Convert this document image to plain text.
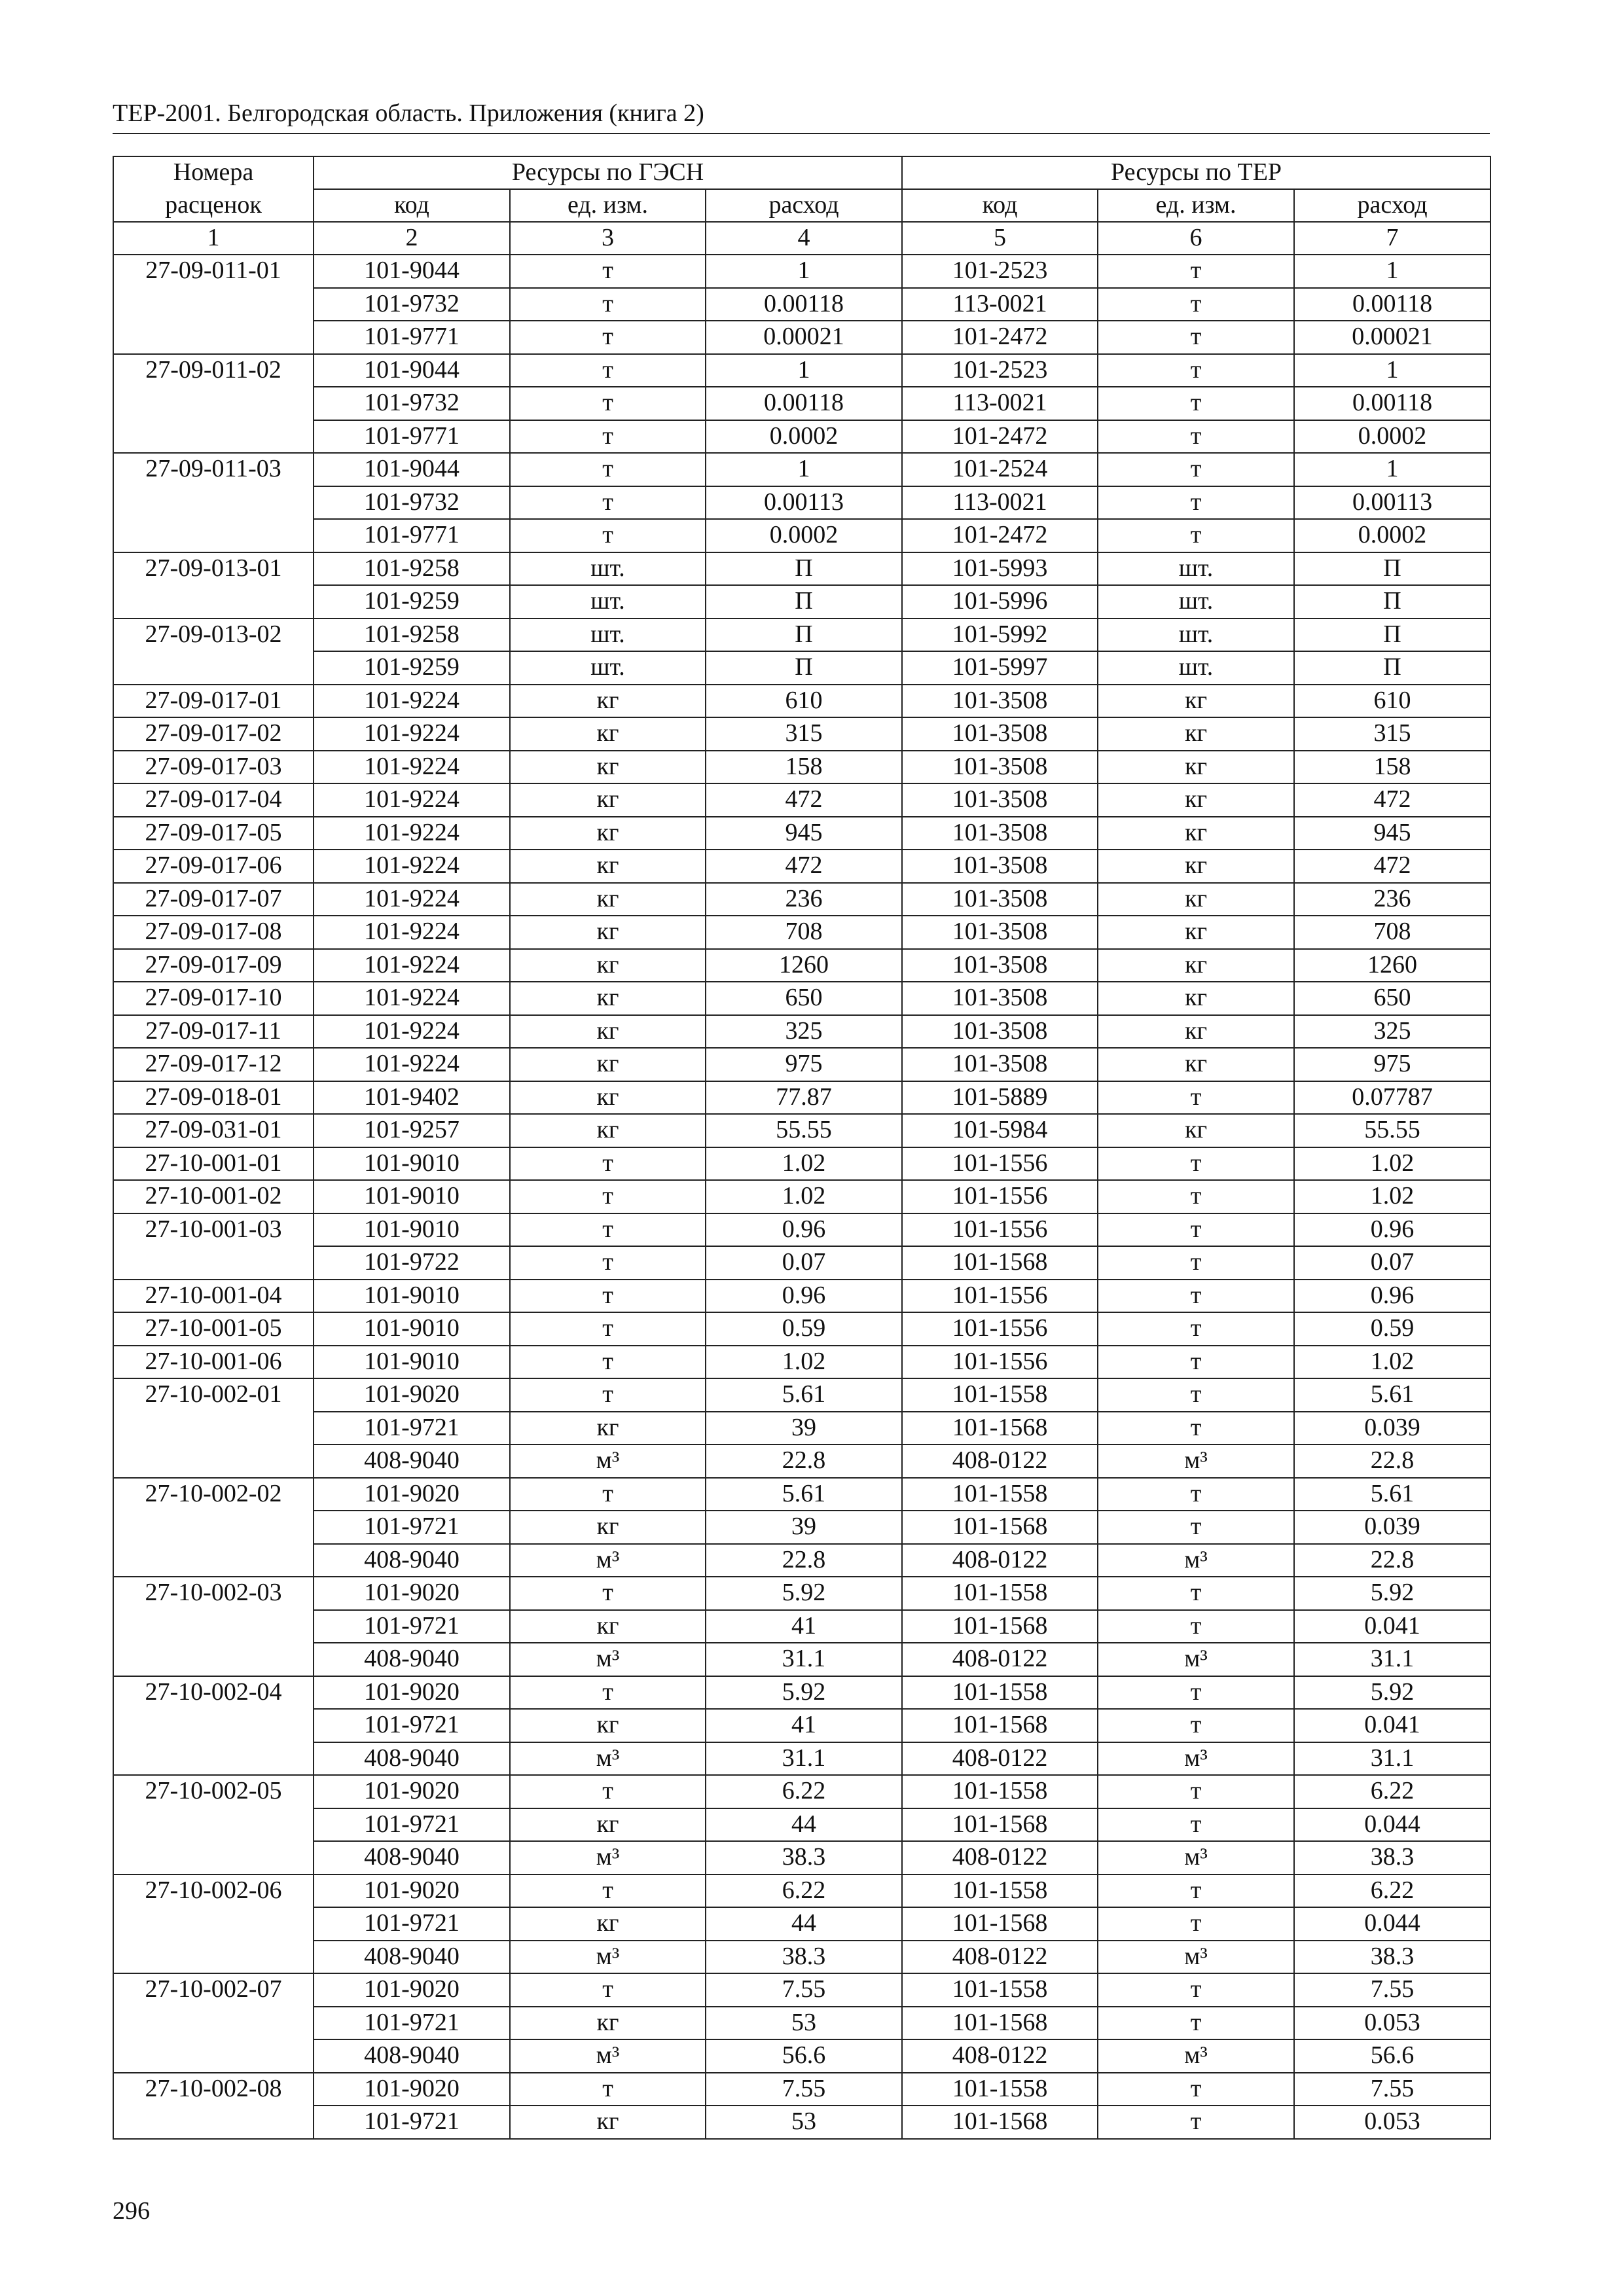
ТЕР-2001. Белгородская область. Приложения (книга 2)
Номера	Ресурсы по ГЭСН			Ресурсы по ТЕР		
расценок	код	ед. изм.	расход	код	ед. изм.	расход
1	2	3	4	5	6	7
27-09-011-01	101-9044	т	1	101-2523	т	1
	101-9732	т	0.00118	113-0021	т	0.00118
	101-9771	т	0.00021	101-2472	т	0.00021
27-09-011-02	101-9044	т	1	101-2523	т	1
	101-9732	т	0.00118	113-0021	т	0.00118
	101-9771	т	0.0002	101-2472	т	0.0002
27-09-011-03	101-9044	т	1	101-2524	т	1
	101-9732	т	0.00113	113-0021	т	0.00113
	101-9771	т	0.0002	101-2472	т	0.0002
27-09-013-01	101-9258	шт.	П	101-5993	шт.	П
	101-9259	шт.	П	101-5996	шт.	П
27-09-013-02	101-9258	шт.	П	101-5992	шт.	П
	101-9259	шт.	П	101-5997	шт.	П
27-09-017-01	101-9224	кг	610	101-3508	кг	610
27-09-017-02	101-9224	кг	315	101-3508	кг	315
27-09-017-03	101-9224	кг	158	101-3508	кг	158
27-09-017-04	101-9224	кг	472	101-3508	кг	472
27-09-017-05	101-9224	кг	945	101-3508	кг	945
27-09-017-06	101-9224	кг	472	101-3508	кг	472
27-09-017-07	101-9224	кг	236	101-3508	кг	236
27-09-017-08	101-9224	кг	708	101-3508	кг	708
27-09-017-09	101-9224	кг	1260	101-3508	кг	1260
27-09-017-10	101-9224	кг	650	101-3508	кг	650
27-09-017-11	101-9224	кг	325	101-3508	кг	325
27-09-017-12	101-9224	кг	975	101-3508	кг	975
27-09-018-01	101-9402	кг	77.87	101-5889	т	0.07787
27-09-031-01	101-9257	кг	55.55	101-5984	кг	55.55
27-10-001-01	101-9010	т	1.02	101-1556	т	1.02
27-10-001-02	101-9010	т	1.02	101-1556	т	1.02
27-10-001-03	101-9010	т	0.96	101-1556	т	0.96
	101-9722	т	0.07	101-1568	т	0.07
27-10-001-04	101-9010	т	0.96	101-1556	т	0.96
27-10-001-05	101-9010	т	0.59	101-1556	т	0.59
27-10-001-06	101-9010	т	1.02	101-1556	т	1.02
27-10-002-01	101-9020	т	5.61	101-1558	т	5.61
	101-9721	кг	39	101-1568	т	0.039
	408-9040	м³	22.8	408-0122	м³	22.8
27-10-002-02	101-9020	т	5.61	101-1558	т	5.61
	101-9721	кг	39	101-1568	т	0.039
	408-9040	м³	22.8	408-0122	м³	22.8
27-10-002-03	101-9020	т	5.92	101-1558	т	5.92
	101-9721	кг	41	101-1568	т	0.041
	408-9040	м³	31.1	408-0122	м³	31.1
27-10-002-04	101-9020	т	5.92	101-1558	т	5.92
	101-9721	кг	41	101-1568	т	0.041
	408-9040	м³	31.1	408-0122	м³	31.1
27-10-002-05	101-9020	т	6.22	101-1558	т	6.22
	101-9721	кг	44	101-1568	т	0.044
	408-9040	м³	38.3	408-0122	м³	38.3
27-10-002-06	101-9020	т	6.22	101-1558	т	6.22
	101-9721	кг	44	101-1568	т	0.044
	408-9040	м³	38.3	408-0122	м³	38.3
27-10-002-07	101-9020	т	7.55	101-1558	т	7.55
	101-9721	кг	53	101-1568	т	0.053
	408-9040	м³	56.6	408-0122	м³	56.6
27-10-002-08	101-9020	т	7.55	101-1558	т	7.55
	101-9721	кг	53	101-1568	т	0.053
296
